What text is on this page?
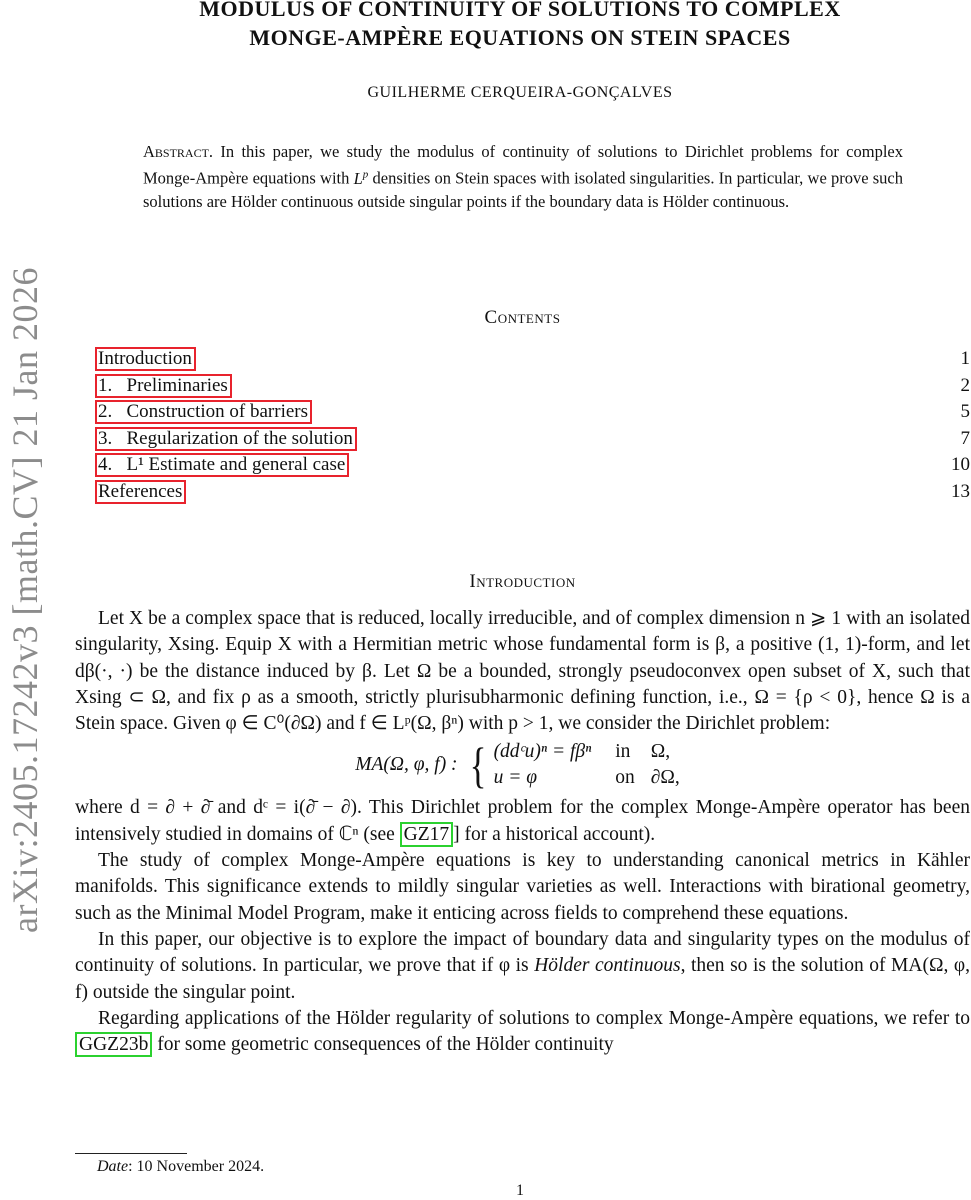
arXiv:2405.17242v3 [math.CV] 21 Jan 2026
MODULUS OF CONTINUITY OF SOLUTIONS TO COMPLEX
MONGE-AMPÈRE EQUATIONS ON STEIN SPACES
GUILHERME CERQUEIRA-GONÇALVES
Abstract. In this paper, we study the modulus of continuity of solutions to Dirichlet problems for complex Monge-Ampère equations with $L^p$ densities on Stein spaces with isolated singularities. In particular, we prove such solutions are Hölder continuous outside singular points if the boundary data is Hölder continuous.
Contents
Introduction	1
1.   Preliminaries	2
2.   Construction of barriers	5
3.   Regularization of the solution	7
4.   L¹ Estimate and general case	10
References	13
Introduction

Let X be a complex space that is reduced, locally irreducible, and of complex dimension n ⩾ 1 with an isolated singularity, Xsing. Equip X with a Hermitian metric whose fundamental form is β, a positive (1, 1)-form, and let dβ(·, ·) be the distance induced by β. Let Ω be a bounded, strongly pseudoconvex open subset of X, such that Xsing ⊂ Ω, and fix ρ as a smooth, strictly plurisubharmonic defining function, i.e., Ω = {ρ < 0}, hence Ω is a Stein space. Given φ ∈ C⁰(∂Ω) and f ∈ Lᵖ(Ω, βⁿ) with p > 1, we consider the Dirichlet problem:

MA(Ω, φ, f) : { (ddᶜu)ⁿ = fβⁿ	in	Ω,
u = φ	on	∂Ω,

where d = ∂ + ∂̄ and dᶜ = i(∂̄ − ∂). This Dirichlet problem for the complex Monge-Ampère operator has been intensively studied in domains of ℂⁿ (see GZ17 ] for a historical account).

The study of complex Monge-Ampère equations is key to understanding canonical metrics in Kähler manifolds. This significance extends to mildly singular varieties as well. Interactions with birational geometry, such as the Minimal Model Program, make it enticing across fields to comprehend these equations.

In this paper, our objective is to explore the impact of boundary data and singularity types on the modulus of continuity of solutions. In particular, we prove that if φ is Hölder continuous, then so is the solution of MA(Ω, φ, f) outside the singular point.

Regarding applications of the Hölder regularity of solutions to complex Monge-Ampère equations, we refer to GGZ23b for some geometric consequences of the Hölder continuity

Date: 10 November 2024.
1
